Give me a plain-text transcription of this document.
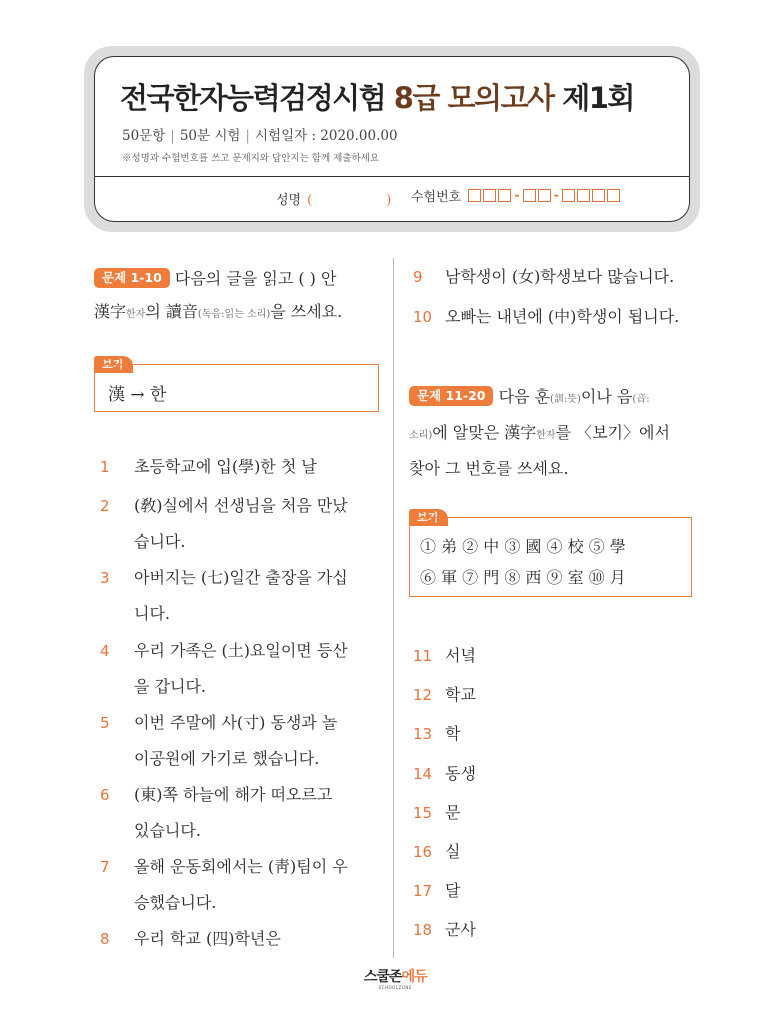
전국한자능력검정시험 8급 모의고사 제1회
50문항 | 50분 시험 | 시험일자 : 2020.00.00
※성명과 수험번호를 쓰고 문제지와 답안지는 함께 제출하세요
성명 (	)	수험번호	-	-
문제 1-10 다음의 글을 읽고 ( ) 안
漢字한자의 讀音(독음:읽는 소리)을 쓰세요.
보기
漢 → 한
1	초등학교에 입(學)한 첫 날
2	(敎)실에서 선생님을 처음 만났
습니다.
3	아버지는 (七)일간 출장을 가십
니다.
4	우리 가족은 (土)요일이면 등산
을 갑니다.
5	이번 주말에 사(寸) 동생과 놀
이공원에 가기로 했습니다.
6	(東)쪽 하늘에 해가 떠오르고
있습니다.
7	올해 운동회에서는 (靑)팀이 우
승했습니다.
8	우리 학교 (四)학년은
9	남학생이 (女)학생보다 많습니다.
10 오빠는 내년에 (中)학생이 됩니다.
문제 11-20 다음 훈(訓:뜻)이나 음(音:
소리)에 알맞은 漢字한자를 〈보기〉에서
찾아 그 번호를 쓰세요.
보기
① 弟 ② 中 ③ 國 ④ 校 ⑤ 學
⑥ 軍 ⑦ 門 ⑧ 西 ⑨ 室 ⑩ 月
11 서녘
12 학교
13 학
14 동생
15 문
16 실
17 달
18 군사
스쿨존에듀
SCHOOLZONE
